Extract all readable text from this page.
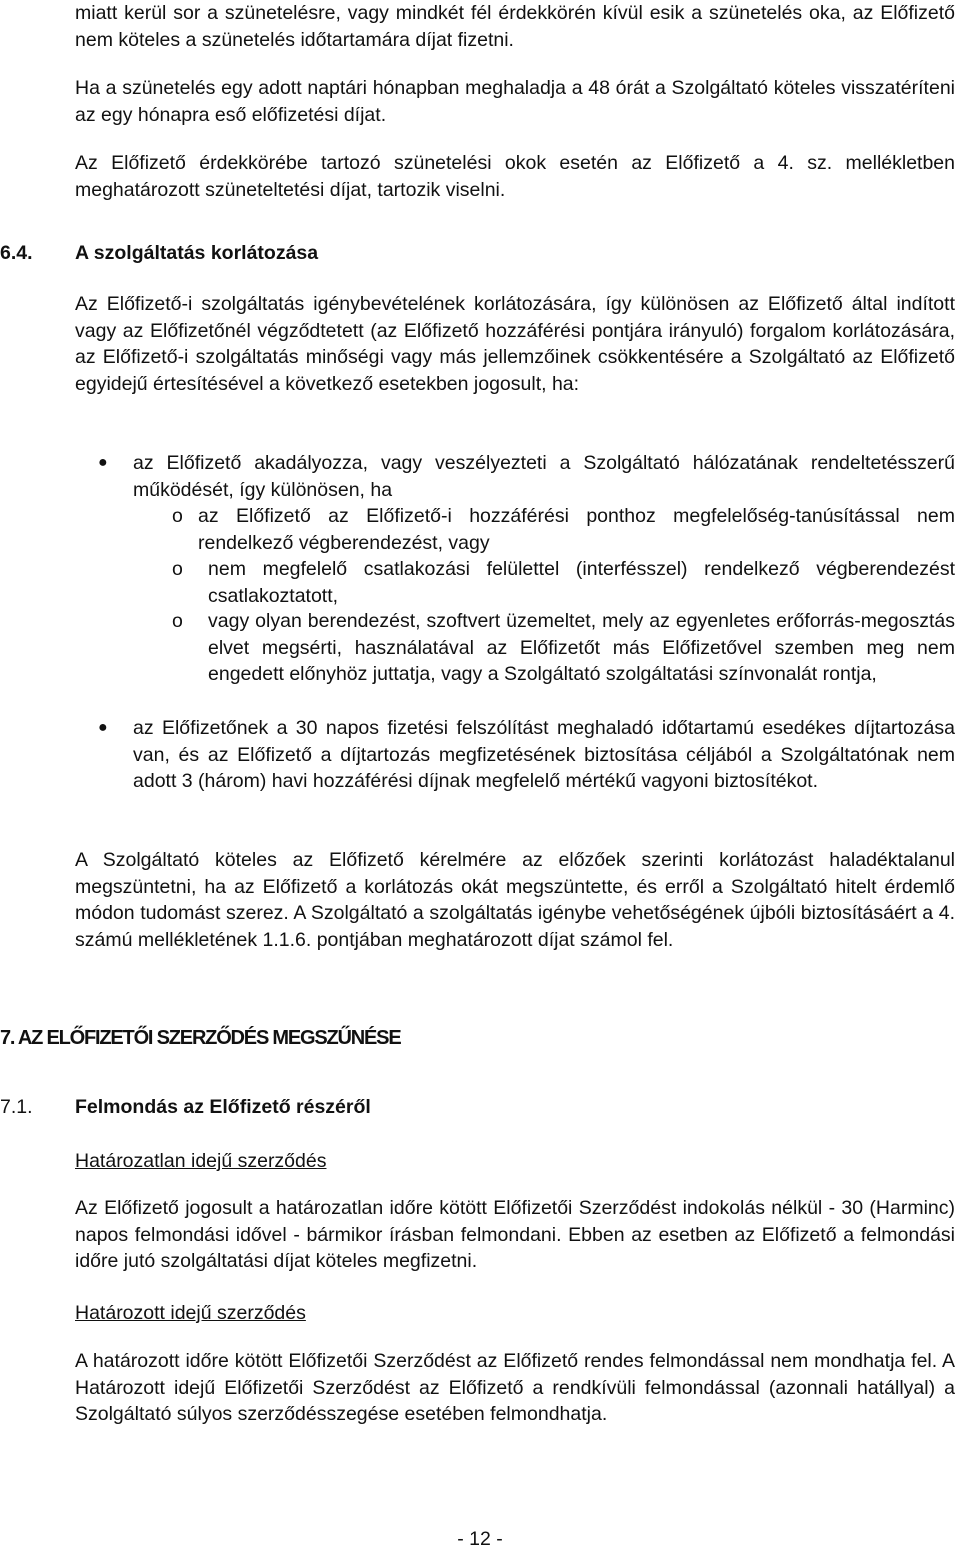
miatt kerül sor a szünetelésre, vagy mindkét fél érdekkörén kívül esik a szünetelés oka, az Előfizető nem köteles a szünetelés időtartamára díjat fizetni.

Ha a szünetelés egy adott naptári hónapban meghaladja a 48 órát a Szolgáltató köteles visszatéríteni az egy hónapra eső előfizetési díjat.

Az Előfizető érdekkörébe tartozó szünetelési okok esetén az Előfizető a 4. sz. mellékletben meghatározott szüneteltetési díjat, tartozik viselni.

6.4. A szolgáltatás korlátozása

Az Előfizető-i szolgáltatás igénybevételének korlátozására, így különösen az Előfizető által indított vagy az Előfizetőnél végződtetett (az Előfizető hozzáférési pontjára irányuló) forgalom korlátozására, az Előfizető-i szolgáltatás minőségi vagy más jellemzőinek csökkentésére a Szolgáltató az Előfizető egyidejű értesítésével a következő esetekben jogosult, ha:

● az Előfizető akadályozza, vagy veszélyezteti a Szolgáltató hálózatának rendeltetésszerű működését, így különösen, ha

o az Előfizető az Előfizető-i hozzáférési ponthoz megfelelőség-tanúsítással nem rendelkező végberendezést, vagy

o nem megfelelő csatlakozási felülettel (interfésszel) rendelkező végberendezést csatlakoztatott,

o vagy olyan berendezést, szoftvert üzemeltet, mely az egyenletes erőforrás-megosztás elvet megsérti, használatával az Előfizetőt más Előfizetővel szemben meg nem engedett előnyhöz juttatja, vagy a Szolgáltató szolgáltatási színvonalát rontja,

● az Előfizetőnek a 30 napos fizetési felszólítást meghaladó időtartamú esedékes díjtartozása van, és az Előfizető a díjtartozás megfizetésének biztosítása céljából a Szolgáltatónak nem adott 3 (három) havi hozzáférési díjnak megfelelő mértékű vagyoni biztosítékot.

A Szolgáltató köteles az Előfizető kérelmére az előzőek szerinti korlátozást haladéktalanul megszüntetni, ha az Előfizető a korlátozás okát megszüntette, és erről a Szolgáltató hitelt érdemlő módon tudomást szerez. A Szolgáltató a szolgáltatás igénybe vehetőségének újbóli biztosításáért a 4. számú mellékletének 1.1.6. pontjában meghatározott díjat számol fel.

7. AZ ELŐFIZETŐI SZERZŐDÉS MEGSZŰNÉSE
7.1. Felmondás az Előfizető részéről

Határozatlan idejű szerződés

Az Előfizető jogosult a határozatlan időre kötött Előfizetői Szerződést indokolás nélkül - 30 (Harminc) napos felmondási idővel - bármikor írásban felmondani. Ebben az esetben az Előfizető a felmondási időre jutó szolgáltatási díjat köteles megfizetni.

Határozott idejű szerződés

A határozott időre kötött Előfizetői Szerződést az Előfizető rendes felmondással nem mondhatja fel. A Határozott idejű Előfizetői Szerződést az Előfizető a rendkívüli felmondással (azonnali hatállyal) a Szolgáltató súlyos szerződésszegése esetében felmondhatja.

- 12 -
